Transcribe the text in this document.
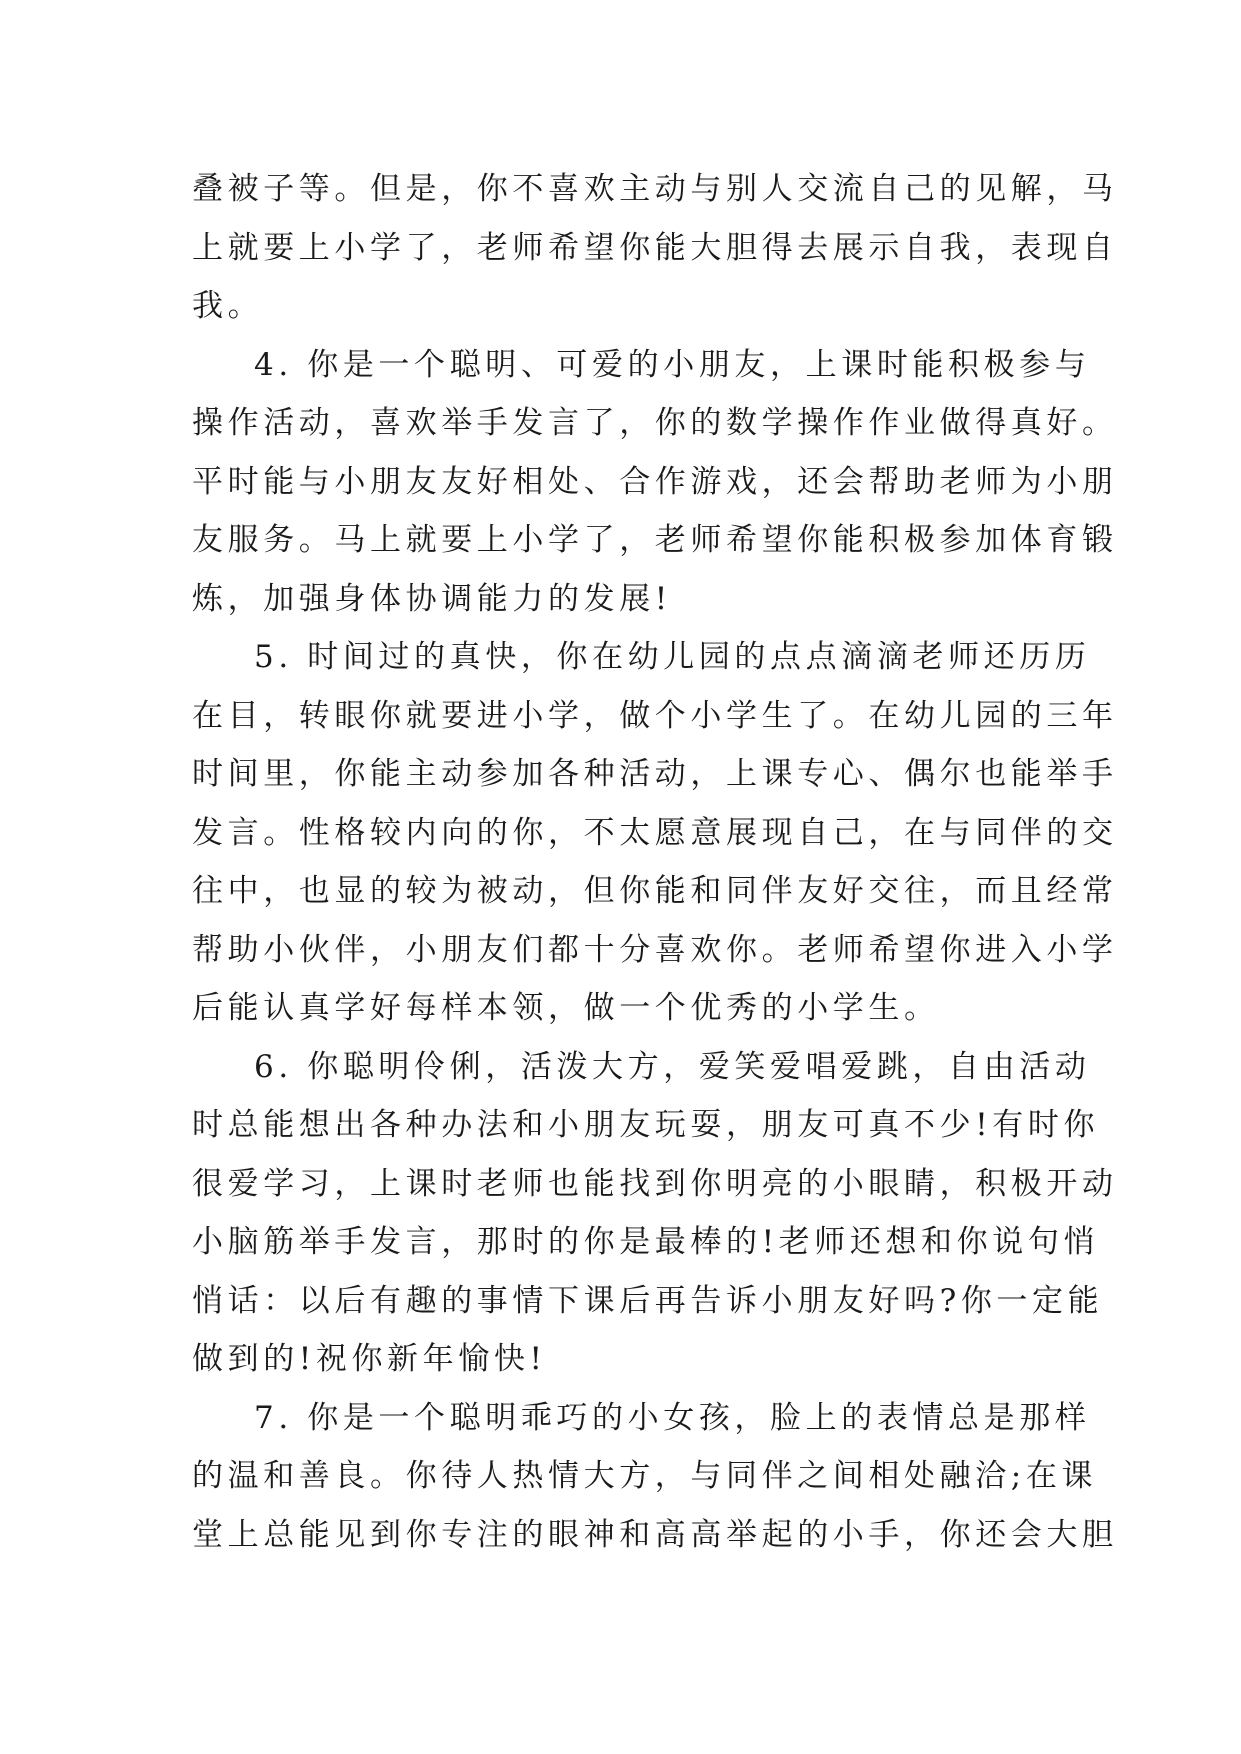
叠被子等。但是，你不喜欢主动与别人交流自己的见解，马
上就要上小学了，老师希望你能大胆得去展示自我，表现自
我。
4. 你是一个聪明、可爱的小朋友，上课时能积极参与
操作活动，喜欢举手发言了，你的数学操作作业做得真好。
平时能与小朋友友好相处、合作游戏，还会帮助老师为小朋
友服务。马上就要上小学了，老师希望你能积极参加体育锻
炼，加强身体协调能力的发展!
5. 时间过的真快，你在幼儿园的点点滴滴老师还历历
在目，转眼你就要进小学，做个小学生了。在幼儿园的三年
时间里，你能主动参加各种活动，上课专心、偶尔也能举手
发言。性格较内向的你，不太愿意展现自己，在与同伴的交
往中，也显的较为被动，但你能和同伴友好交往，而且经常
帮助小伙伴，小朋友们都十分喜欢你。老师希望你进入小学
后能认真学好每样本领，做一个优秀的小学生。
6. 你聪明伶俐，活泼大方，爱笑爱唱爱跳，自由活动
时总能想出各种办法和小朋友玩耍，朋友可真不少!有时你
很爱学习，上课时老师也能找到你明亮的小眼睛，积极开动
小脑筋举手发言，那时的你是最棒的!老师还想和你说句悄
悄话：以后有趣的事情下课后再告诉小朋友好吗?你一定能
做到的!祝你新年愉快!
7. 你是一个聪明乖巧的小女孩，脸上的表情总是那样
的温和善良。你待人热情大方，与同伴之间相处融洽;在课
堂上总能见到你专注的眼神和高高举起的小手，你还会大胆
